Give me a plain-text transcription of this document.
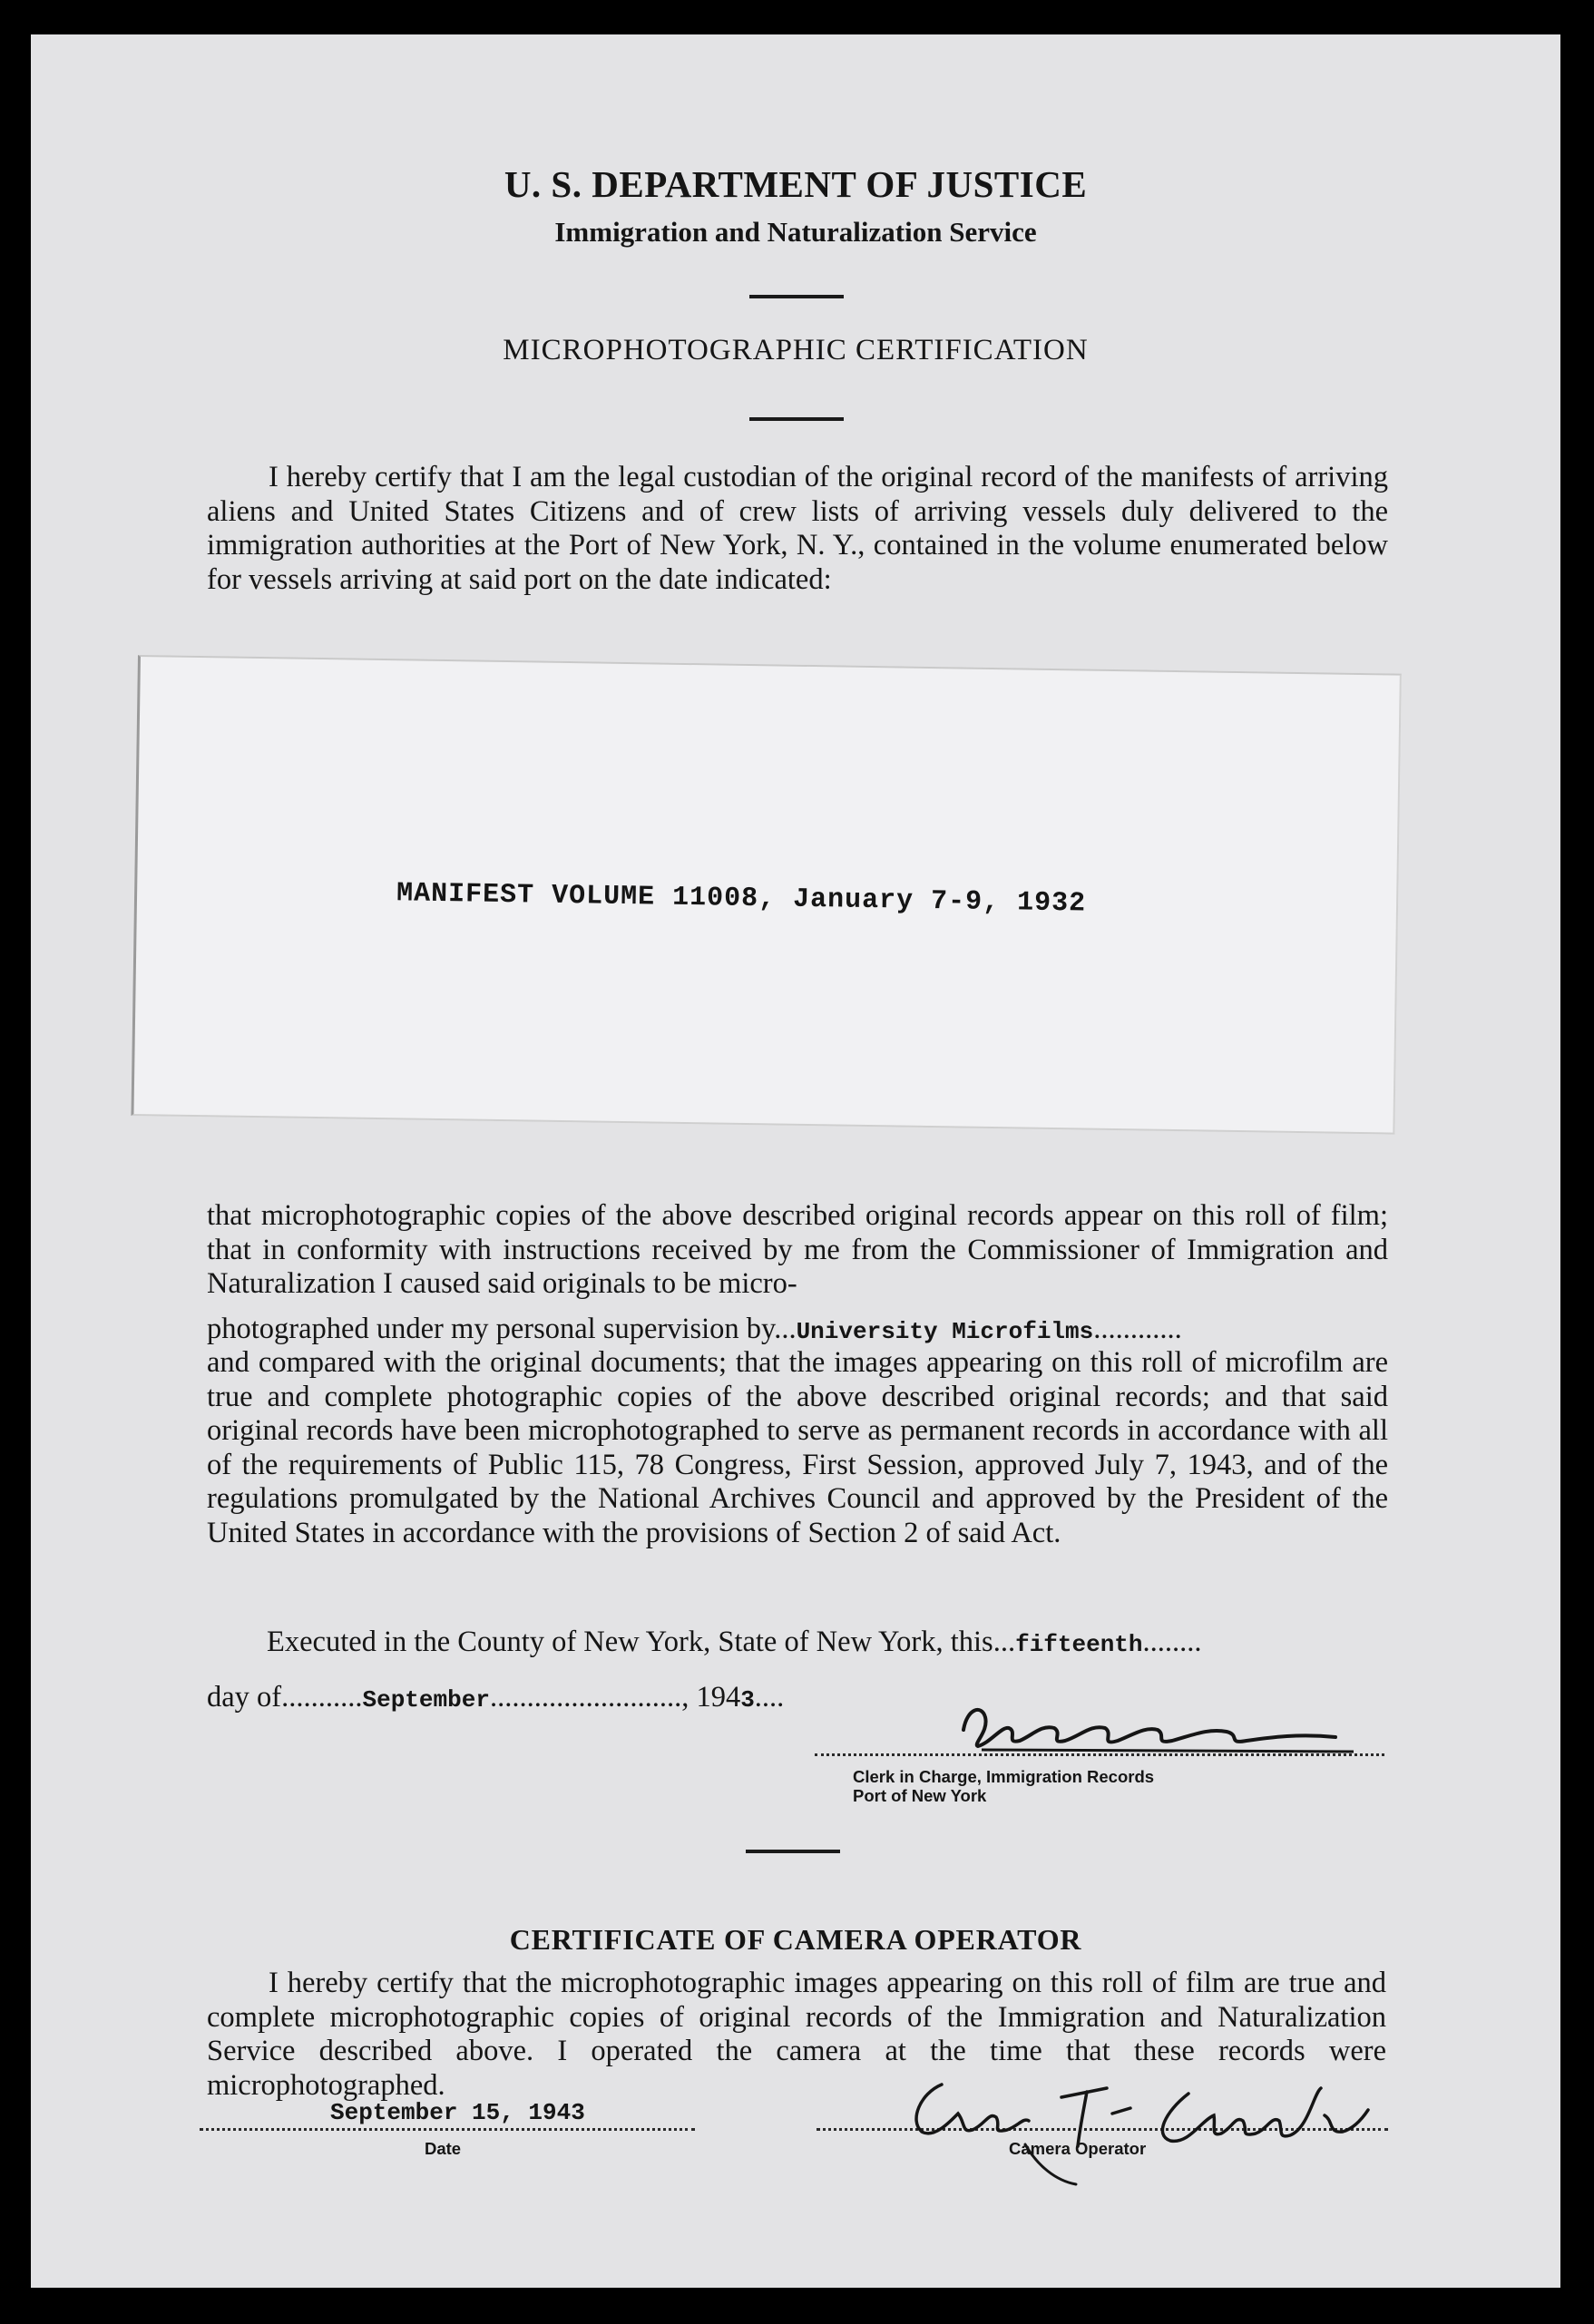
U. S. DEPARTMENT OF JUSTICE
Immigration and Naturalization Service
MICROPHOTOGRAPHIC CERTIFICATION
I hereby certify that I am the legal custodian of the original record of the manifests of arriving aliens and United States Citizens and of crew lists of arriving vessels duly delivered to the immigration authorities at the Port of New York, N. Y., contained in the volume enumerated below for vessels arriving at said port on the date indicated:
MANIFEST VOLUME 11008, January 7-9, 1932
that microphotographic copies of the above described original records appear on this roll of film; that in conformity with instructions received by me from the Commissioner of Immigration and Naturalization I caused said originals to be micro-
photographed under my personal supervision by...University Microfilms............
and compared with the original documents; that the images appearing on this roll of microfilm are true and complete photographic copies of the above described original records; and that said original records have been microphotographed to serve as permanent records in accordance with all of the requirements of Public 115, 78 Congress, First Session, approved July 7, 1943, and of the regulations promulgated by the National Archives Council and approved by the President of the United States in accordance with the provisions of Section 2 of said Act.
Executed in the County of New York, State of New York, this...fifteenth........
day of...........September.........................., 1943....
Clerk in Charge, Immigration Records
Port of New York
CERTIFICATE OF CAMERA OPERATOR
I hereby certify that the microphotographic images appearing on this roll of film are true and complete microphotographic copies of original records of the Immigration and Naturalization Service described above. I operated the camera at the time that these records were microphotographed.
September 15, 1943
Date	Camera Operator
